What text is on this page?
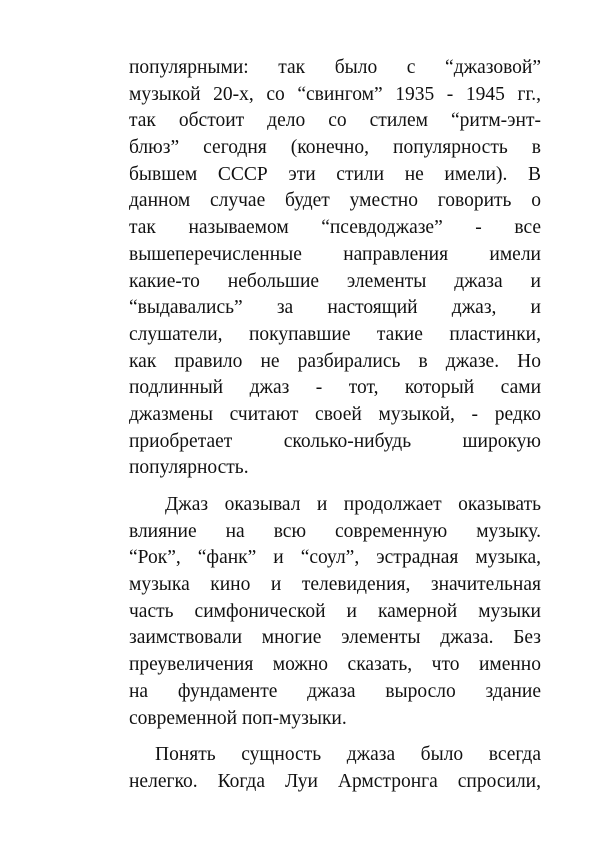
популярными: так было с “джазовой”
музыкой 20-х, со “свингом” 1935 - 1945 гг.,
так обстоит дело со стилем “ритм-энт-
блюз” сегодня (конечно, популярность в
бывшем СССР эти стили не имели). В
данном случае будет уместно говорить о
так называемом “псевдоджазе” - все
вышеперечисленные направления имели
какие-то небольшие элементы джаза и
“выдавались” за настоящий джаз, и
слушатели, покупавшие такие пластинки,
как правило не разбирались в джазе. Но
подлинный джаз - тот, который сами
джазмены считают своей музыкой, - редко
приобретает сколько-нибудь широкую
популярность.
Джаз оказывал и продолжает оказывать
влияние на всю современную музыку.
“Рок”, “фанк” и “соул”, эстрадная музыка,
музыка кино и телевидения, значительная
часть симфонической и камерной музыки
заимствовали многие элементы джаза. Без
преувеличения можно сказать, что именно
на фундаменте джаза выросло здание
современной поп-музыки.
Понять сущность джаза было всегда
нелегко. Когда Луи Армстронга спросили,
